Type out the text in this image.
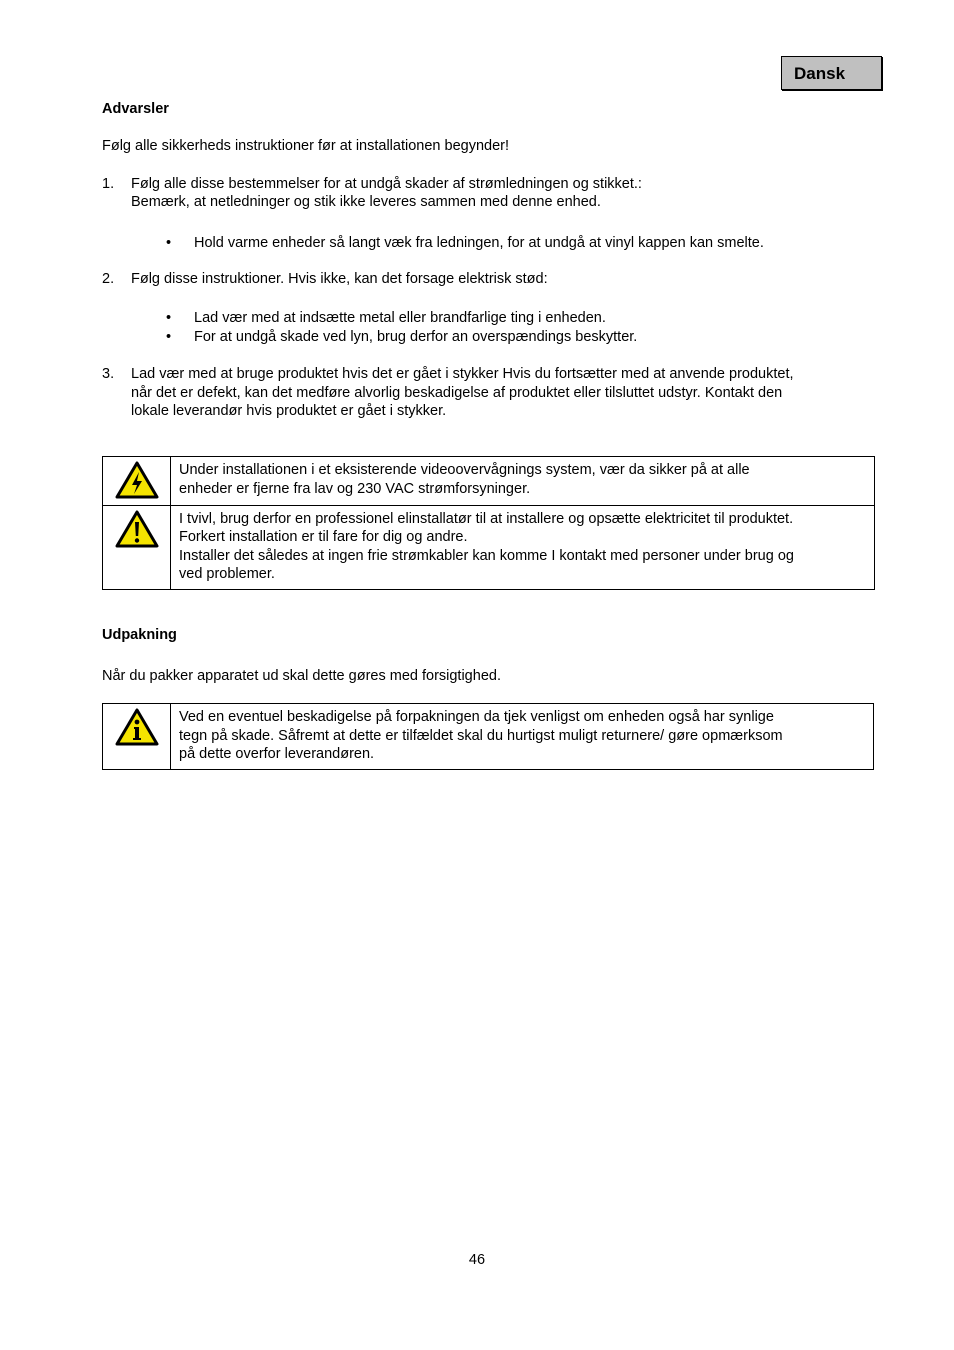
Dansk
Advarsler
Følg alle sikkerheds instruktioner før at installationen begynder!
1.	Følg alle disse bestemmelser for at undgå skader af strømledningen og stikket.:
Bemærk, at netledninger og stik ikke leveres sammen med denne enhed.
•	Hold varme enheder så langt væk fra ledningen, for at undgå at vinyl kappen kan smelte.
2.	Følg disse instruktioner. Hvis ikke, kan det forsage elektrisk stød:
•	Lad vær med at indsætte metal eller brandfarlige ting i enheden.
•	For at undgå skade ved lyn, brug derfor an overspændings beskytter.
3.	Lad vær med at bruge produktet hvis det er gået i stykker Hvis du fortsætter med at anvende produktet,
når det er defekt, kan det medføre alvorlig beskadigelse af produktet eller tilsluttet udstyr. Kontakt den
lokale leverandør hvis produktet er gået i stykker.

Under installationen i et eksisterende videoovervågnings system, vær da sikker på at alle
enheder er fjerne fra lav og 230 VAC strømforsyninger.

I tvivl, brug derfor en professionel elinstallatør til at installere og opsætte elektricitet til produktet.
Forkert installation er til fare for dig og andre.
Installer det således at ingen frie strømkabler kan komme I kontakt med personer under brug og
ved problemer.
Udpakning
Når du pakker apparatet ud skal dette gøres med forsigtighed.

Ved en eventuel beskadigelse på forpakningen da tjek venligst om enheden også har synlige
tegn på skade. Såfremt at dette er tilfældet skal du hurtigst muligt returnere/ gøre opmærksom
på dette overfor leverandøren.
46
